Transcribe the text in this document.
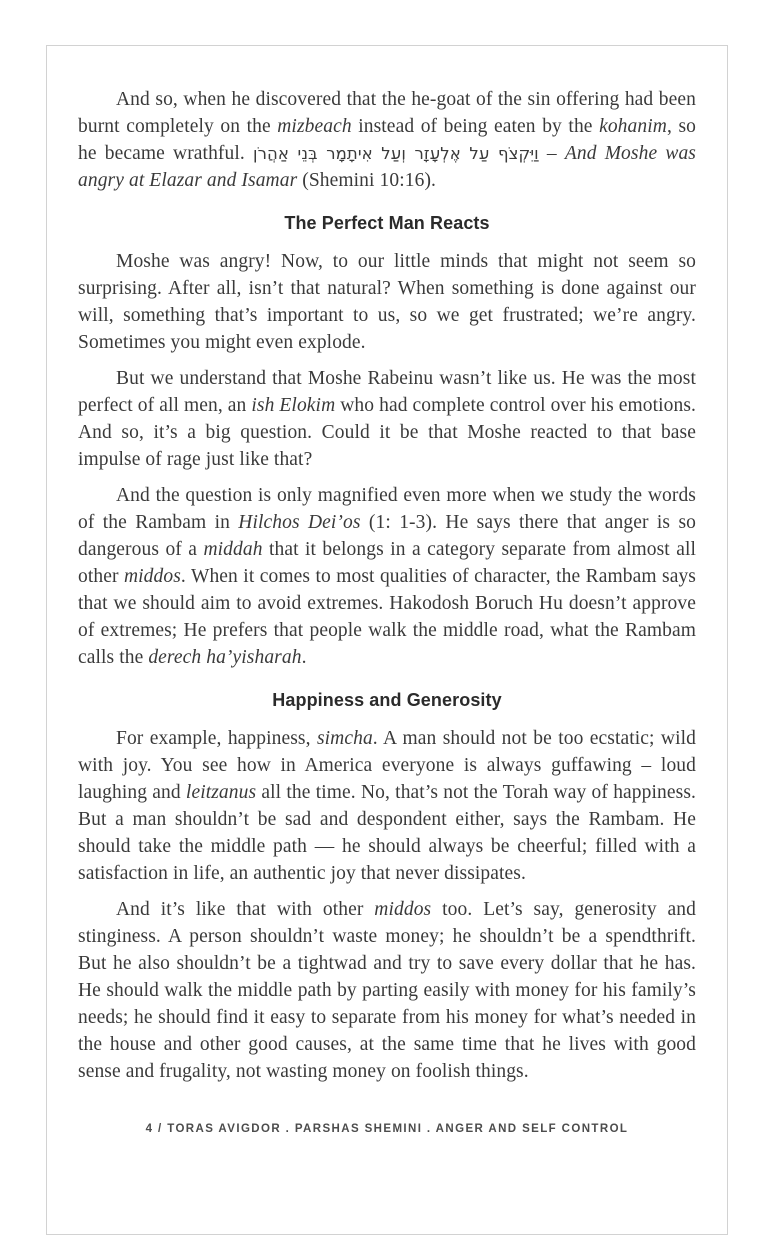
And so, when he discovered that the he-goat of the sin offering had been burnt completely on the mizbeach instead of being eaten by the kohanim, so he became wrathful. וַיִּקְצֹף עַל אֶלְעָזָר וְעַל אִיתָמָר בְּנֵי אַהֲרֹן – And Moshe was angry at Elazar and Isamar (Shemini 10:16).

The Perfect Man Reacts

Moshe was angry! Now, to our little minds that might not seem so surprising. After all, isn’t that natural? When something is done against our will, something that’s important to us, so we get frustrated; we’re angry. Sometimes you might even explode.

But we understand that Moshe Rabeinu wasn’t like us. He was the most perfect of all men, an ish Elokim who had complete control over his emotions. And so, it’s a big question. Could it be that Moshe reacted to that base impulse of rage just like that?

And the question is only magnified even more when we study the words of the Rambam in Hilchos Dei’os (1: 1-3). He says there that anger is so dangerous of a middah that it belongs in a category separate from almost all other middos. When it comes to most qualities of character, the Rambam says that we should aim to avoid extremes. Hakodosh Boruch Hu doesn’t approve of extremes; He prefers that people walk the middle road, what the Rambam calls the derech ha’yisharah.

Happiness and Generosity

For example, happiness, simcha. A man should not be too ecstatic; wild with joy. You see how in America everyone is always guffawing – loud laughing and leitzanus all the time. No, that’s not the Torah way of happiness. But a man shouldn’t be sad and despondent either, says the Rambam. He should take the middle path — he should always be cheerful; filled with a satisfaction in life, an authentic joy that never dissipates.

And it’s like that with other middos too. Let’s say, generosity and stinginess. A person shouldn’t waste money; he shouldn’t be a spendthrift. But he also shouldn’t be a tightwad and try to save every dollar that he has. He should walk the middle path by parting easily with money for his family’s needs; he should find it easy to separate from his money for what’s needed in the house and other good causes, at the same time that he lives with good sense and frugality, not wasting money on foolish things.

4 / TORAS AVIGDOR . PARSHAS SHEMINI . ANGER AND SELF CONTROL
